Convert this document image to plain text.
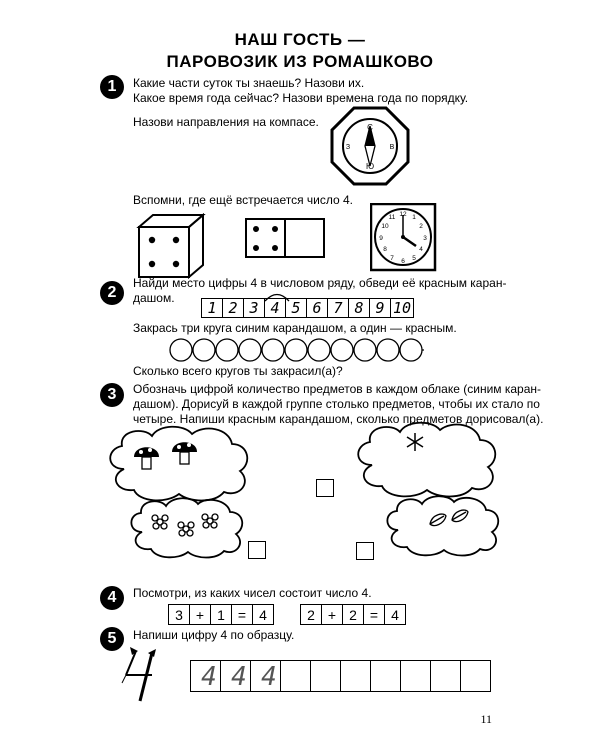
НАШ ГОСТЬ —
ПАРОВОЗИК ИЗ РОМАШКОВО
1	Какие части суток ты знаешь? Назови их.
Какое время года сейчас? Назови времена года по порядку.
Назови направления на компасе.	С
Ю
З	В
Вспомни, где ещё встречается число 4.
12 1
2
3
4
5
6
7
8
9
10
11
2
Найди место цифры 4 в числовом ряду, обведи её красным каран-
дашом.
1 2 3 4 5 6 7 8 9 10
Закрась три круга синим карандашом, а один — красным.
Сколько всего кругов ты закрасил(а)?
3	Обозначь цифрой количество предметов в каждом облаке (синим каран-
дашом). Дорисуй в каждой группе столько предметов, чтобы их стало по
четыре. Напиши красным карандашом, сколько предметов дорисовал(а).
4	Посмотри, из каких чисел состоит число 4.
3 + 1 = 4	2 + 2 = 4
5	Напиши цифру 4 по образцу.
4 4 4
11
